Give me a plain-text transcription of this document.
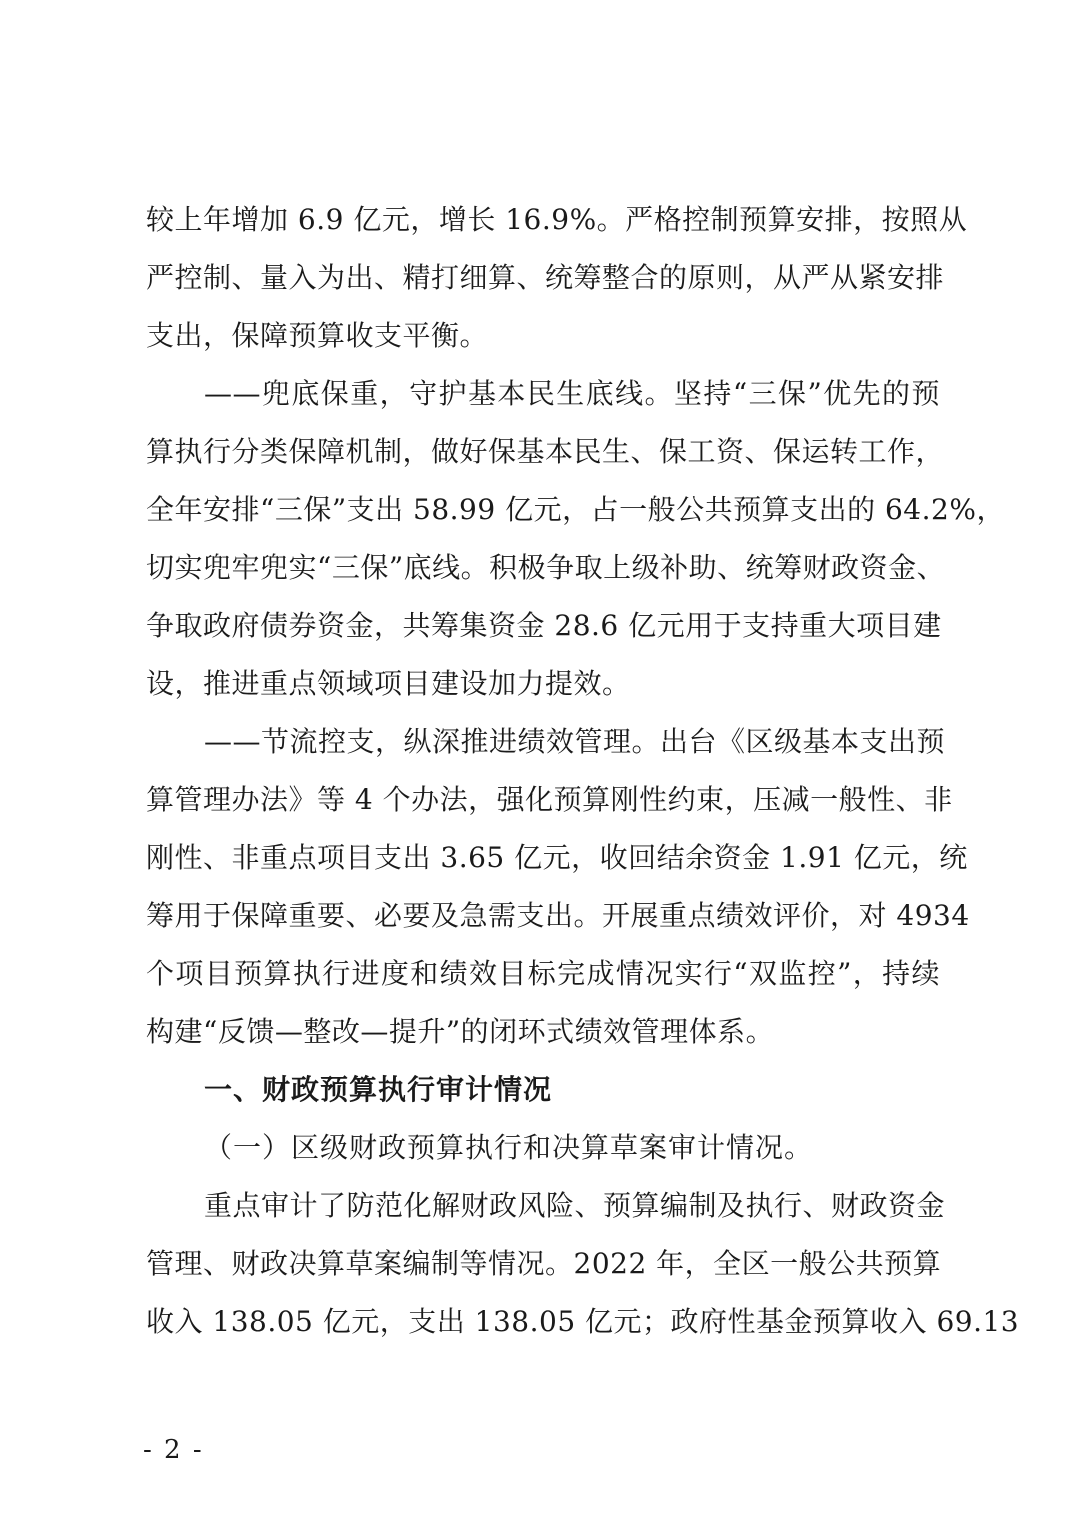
较上年增加 6.9 亿元，增长 16.9%。严格控制预算安排，按照从
严控制、量入为出、精打细算、统筹整合的原则，从严从紧安排
支出，保障预算收支平衡。
——兜底保重，守护基本民生底线。坚持“三保”优先的预
算执行分类保障机制，做好保基本民生、保工资、保运转工作，
全年安排“三保”支出 58.99 亿元，占一般公共预算支出的 64.2%，
切实兜牢兜实“三保”底线。积极争取上级补助、统筹财政资金、
争取政府债券资金，共筹集资金 28.6 亿元用于支持重大项目建
设，推进重点领域项目建设加力提效。
——节流控支，纵深推进绩效管理。出台《区级基本支出预
算管理办法》等 4 个办法，强化预算刚性约束，压减一般性、非
刚性、非重点项目支出 3.65 亿元，收回结余资金 1.91 亿元，统
筹用于保障重要、必要及急需支出。开展重点绩效评价，对 4934
个项目预算执行进度和绩效目标完成情况实行“双监控”，持续
构建“反馈—整改—提升”的闭环式绩效管理体系。
一、财政预算执行审计情况
（一）区级财政预算执行和决算草案审计情况。
重点审计了防范化解财政风险、预算编制及执行、财政资金
管理、财政决算草案编制等情况。2022 年，全区一般公共预算
收入 138.05 亿元，支出 138.05 亿元；政府性基金预算收入 69.13
- 2 -
